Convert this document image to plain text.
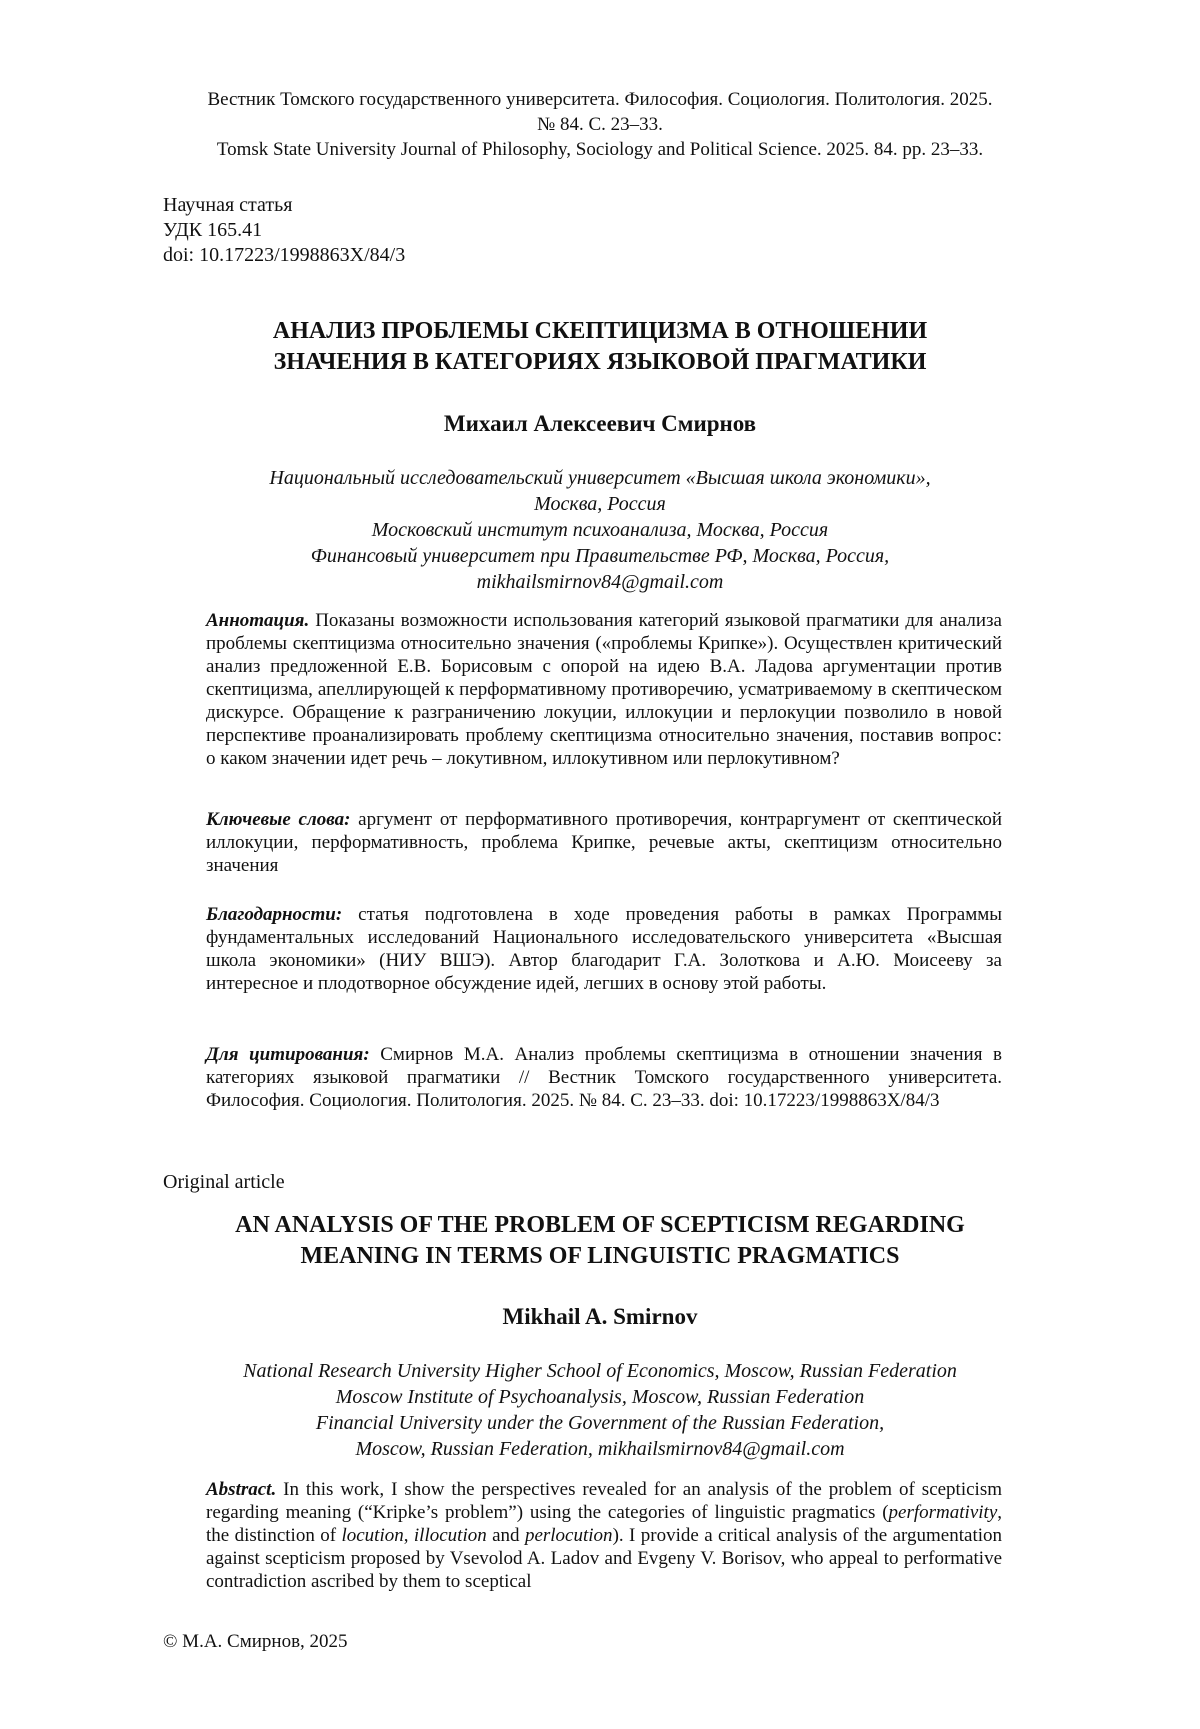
Вестник Томского государственного университета. Философия. Социология. Политология. 2025.
№ 84. С. 23–33.
Tomsk State University Journal of Philosophy, Sociology and Political Science. 2025. 84. pp. 23–33.
Научная статья
УДК 165.41
doi: 10.17223/1998863X/84/3
АНАЛИЗ ПРОБЛЕМЫ СКЕПТИЦИЗМА В ОТНОШЕНИИ
ЗНАЧЕНИЯ В КАТЕГОРИЯХ ЯЗЫКОВОЙ ПРАГМАТИКИ
Михаил Алексеевич Смирнов
Национальный исследовательский университет «Высшая школа экономики»,
Москва, Россия
Московский институт психоанализа, Москва, Россия
Финансовый университет при Правительстве РФ, Москва, Россия,
mikhailsmirnov84@gmail.com
Аннотация. Показаны возможности использования категорий языковой прагматики для анализа проблемы скептицизма относительно значения («проблемы Крипке»). Осуществлен критический анализ предложенной Е.В. Борисовым с опорой на идею В.А. Ладова аргументации против скептицизма, апеллирующей к перформативному противоречию, усматриваемому в скептическом дискурсе. Обращение к разграничению локуции, иллокуции и перлокуции позволило в новой перспективе проанализировать проблему скептицизма относительно значения, поставив вопрос: о каком значении идет речь – локутивном, иллокутивном или перлокутивном?
Ключевые слова: аргумент от перформативного противоречия, контраргумент от скептической иллокуции, перформативность, проблема Крипке, речевые акты, скептицизм относительно значения
Благодарности: статья подготовлена в ходе проведения работы в рамках Программы фундаментальных исследований Национального исследовательского университета «Высшая школа экономики» (НИУ ВШЭ). Автор благодарит Г.А. Золоткова и А.Ю. Моисееву за интересное и плодотворное обсуждение идей, легших в основу этой работы.
Для цитирования: Смирнов М.А. Анализ проблемы скептицизма в отношении значения в категориях языковой прагматики // Вестник Томского государственного университета. Философия. Социология. Политология. 2025. № 84. С. 23–33. doi: 10.17223/1998863X/84/3
Original article
AN ANALYSIS OF THE PROBLEM OF SCEPTICISM REGARDING
MEANING IN TERMS OF LINGUISTIC PRAGMATICS
Mikhail A. Smirnov
National Research University Higher School of Economics, Moscow, Russian Federation
Moscow Institute of Psychoanalysis, Moscow, Russian Federation
Financial University under the Government of the Russian Federation,
Moscow, Russian Federation, mikhailsmirnov84@gmail.com
Abstract. In this work, I show the perspectives revealed for an analysis of the problem of scepticism regarding meaning (“Kripke’s problem”) using the categories of linguistic pragmatics (performativity, the distinction of locution, illocution and perlocution). I provide a critical analysis of the argumentation against scepticism proposed by Vsevolod A. Ladov and Evgeny V. Borisov, who appeal to performative contradiction ascribed by them to sceptical
© М.А. Смирнов, 2025
